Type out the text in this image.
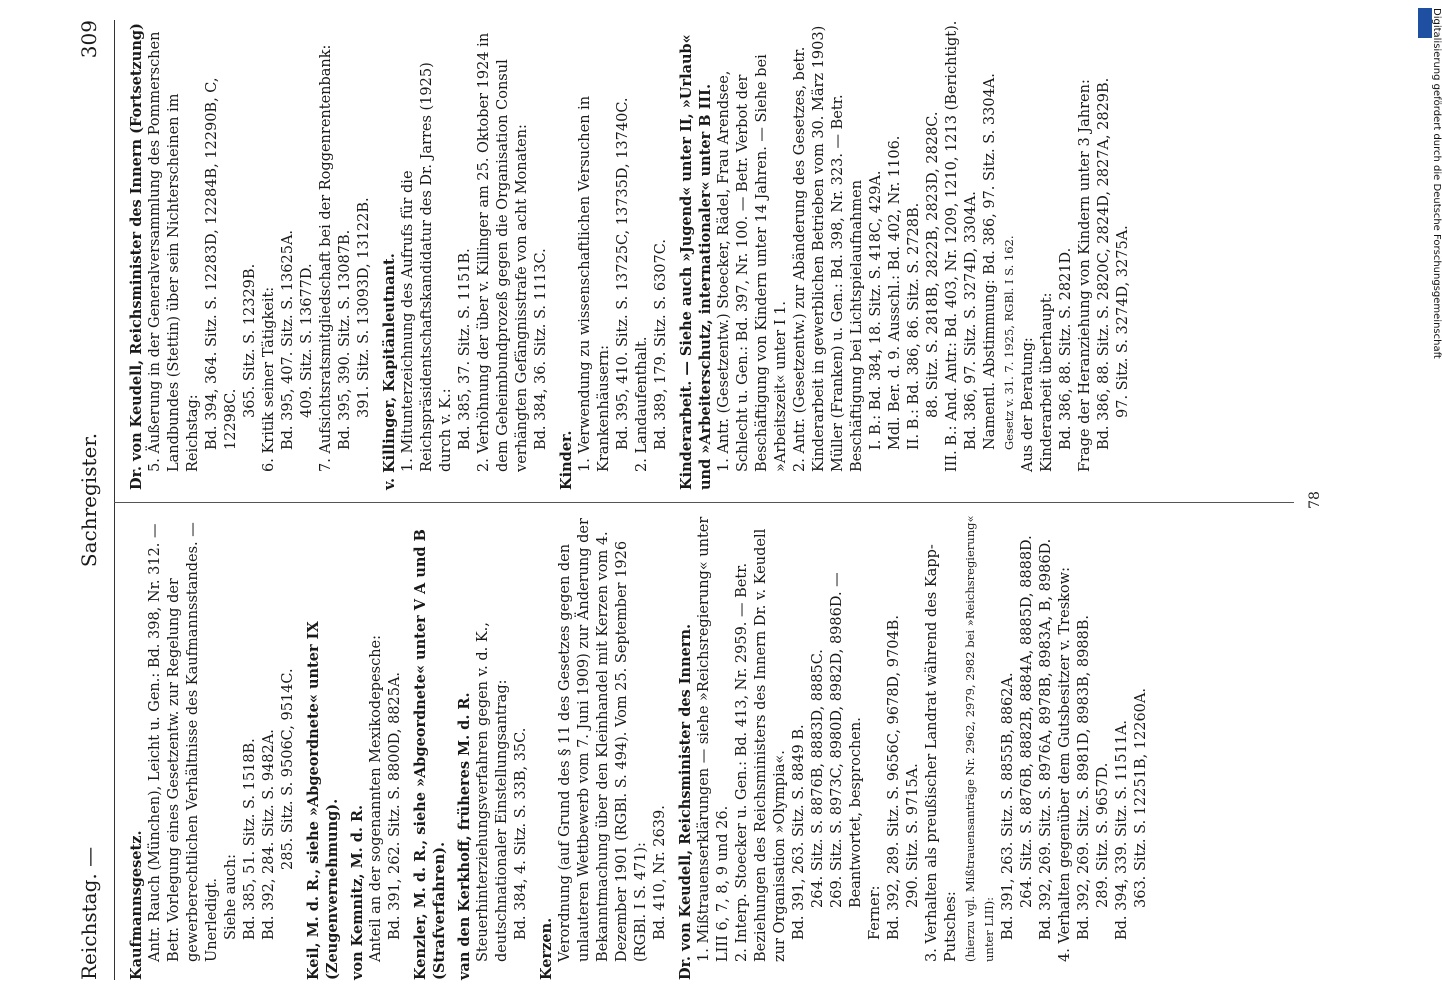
Reichstag. —
Sachregister.
309

Kaufmannsgesetz. Antr. Rauch (München), Leicht u. Gen.: Bd. 398, Nr. 312. — Betr. Vorlegung eines Gesetzentw. zur Regelung der gewerberechtlichen Verhältnisse des Kaufmannsstandes. — Unerledigt. Siehe auch: Bd. 385, 51. Sitz. S. 1518B. Bd. 392, 284. Sitz. S. 9482A. 285. Sitz. S. 9506C, 9514C. Keil, M. d. R., siehe »Abgeordnete« unter IX (Zeugenvernehmung). von Kemnitz, M. d. R. Anteil an der sogenannten Mexikodepesche: Bd. 391, 262. Sitz. S. 8800D, 8825A. Kenzler, M. d. R., siehe »Abgeordnete« unter V A und B (Strafverfahren). van den Kerkhoff, früheres M. d. R. Steuerhinterziehungsverfahren gegen v. d. K., deutschnationaler Einstellungsantrag: Bd. 384, 4. Sitz. S. 33B, 35C.

Kerzen. Verordnung (auf Grund des § 11 des Gesetzes gegen den unlauteren Wettbewerb vom 7. Juni 1909) zur Änderung der Bekanntmachung über den Kleinhandel mit Kerzen vom 4. Dezember 1901 (RGBl. S. 494). Vom 25. September 1926 (RGBl. I S. 471): Bd. 410, Nr. 2639. Dr. von Keudell, Reichsminister des Innern. 1. Mißtrauenserklärungen — siehe »Reichsregierung« unter LIII 6, 7, 8, 9 und 26. 2. Interp. Stoecker u. Gen.: Bd. 413, Nr. 2959. — Betr. Beziehungen des Reichsministers des Innern Dr. v. Keudell zur Organisation »Olympia«. Bd. 391, 263. Sitz. S. 8849 B. 264. Sitz. S. 8876B, 8883D, 8885C. 269. Sitz. S. 8973C, 8980D, 8982D, 8986D. — Beantwortet, besprochen.

Ferner: Bd. 392, 289. Sitz. S. 9656C, 9678D, 9704B. 290. Sitz. S. 9715A. 3. Verhalten als preußischer Landrat während des Kapp-Putsches: (hierzu vgl. Mißtrauensanträge Nr. 2962, 2979, 2982 bei »Reichsregierung« unter LIII): Bd. 391, 263. Sitz. S. 8855B, 8862A. 264. Sitz. S. 8876B, 8882B, 8884A, 8885D, 8888D. Bd. 392, 269. Sitz. S. 8976A, 8978B, 8983A, B, 8986D. 4. Verhalten gegenüber dem Gutsbesitzer v. Treskow: Bd. 392, 269. Sitz. S. 8981D, 8983B, 8988B. 289. Sitz. S. 9657D. Bd. 394, 339. Sitz. S. 11511A. 363. Sitz. S. 12251B, 12260A.

Dr. von Keudell, Reichsminister des Innern (Fortsetzung) 5. Äußerung in der Generalversammlung des Pommerschen Landbundes (Stettin) über sein Nichterscheinen im Reichstag: Bd. 394, 364. Sitz. S. 12283D, 12284B, 12290B, C, 12298C.

365. Sitz. S. 12329B. 6. Kritik seiner Tätigkeit: Bd. 395, 407. Sitz. S. 13625A. 409. Sitz. S. 13677D. 7. Aufsichtsratsmitgliedschaft bei der Roggenrentenbank: Bd. 395, 390. Sitz. S. 13087B. 391. Sitz. S. 13093D, 13122B. v. Killinger, Kapitänleutnant. 1. Mitunterzeichnung des Aufrufs für die Reichspräsidentschaftskandidatur des Dr. Jarres (1925) durch v. K.: Bd. 385, 37. Sitz. S. 1151B. 2. Verhöhnung der über v. Killinger am 25. Oktober 1924 in dem Geheimbundprozeß gegen die Organisation Consul verhängten Gefängnisstrafe von acht Monaten: Bd. 384, 36. Sitz. S. 1113C.

Kinder. 1. Verwendung zu wissenschaftlichen Versuchen in Krankenhäusern: Bd. 395, 410. Sitz. S. 13725C, 13735D, 13740C. 2. Landaufenthalt. Bd. 389, 179. Sitz. S. 6307C. Kinderarbeit. — Siehe auch »Jugend« unter II, »Urlaub« und »Arbeiterschutz, internationaler« unter B III. 1. Antr. (Gesetzentw.) Stoecker, Rädel, Frau Arendsee, Schlecht u. Gen.: Bd. 397, Nr. 100. — Betr. Verbot der Beschäftigung von Kindern unter 14 Jahren. — Siehe bei »Arbeitszeit« unter I 1. 2. Antr. (Gesetzentw.) zur Abänderung des Gesetzes, betr. Kinderarbeit in gewerblichen Betrieben vom 30. März 1903) Müller (Franken) u. Gen.: Bd. 398, Nr. 323. — Betr. Beschäftigung bei Lichtspielaufnahmen I. B.: Bd. 384, 18. Sitz. S. 418C, 429A. Mdl. Ber. d. 9. Ausschl.: Bd. 402, Nr. 1106. II. B.: Bd. 386, 86. Sitz. S. 2728B. 88. Sitz. S. 2818B, 2822B, 2823D, 2828C. III. B.: And. Antr.: Bd. 403, Nr. 1209, 1210, 1213 (Berichtigt). Bd. 386, 97. Sitz. S. 3274D, 3304A. Namentl. Abstimmung: Bd. 386, 97. Sitz. S. 3304A. Gesetz v. 31. 7. 1925, RGBl. I S. 162. Aus der Beratung: Kinderarbeit überhaupt: Bd. 386, 88. Sitz. S. 2821D. Frage der Heranziehung von Kindern unter 3 Jahren: Bd. 386, 88. Sitz. S. 2820C, 2824D, 2827A, 2829B. 97. Sitz. S. 3274D, 3275A.

78
Digitalisierung gefördert durch die Deutsche Forschungsgemeinschaft
